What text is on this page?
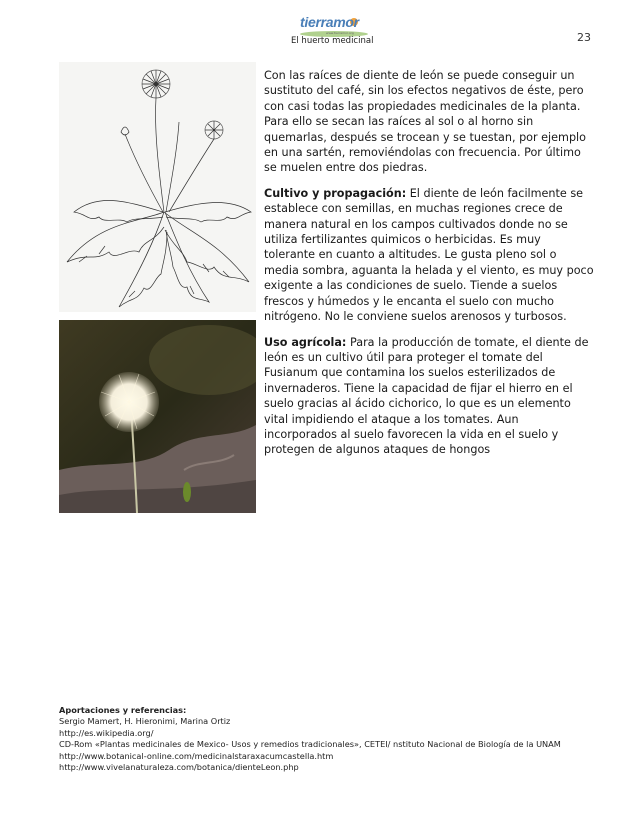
tierramor
www.tierramor.org
El huerto medicinal	23

Con las raíces de diente de león se puede conseguir un sustituto del café, sin los efectos negativos de éste, pero con casi todas las propiedades medicinales de la planta. Para ello se secan las raíces al sol o al horno sin quemarlas, después se trocean y se tuestan, por ejemplo en una sartén, removiéndolas con frecuencia. Por último se muelen entre dos piedras.

Cultivo y propagación: El diente de león facilmente se establece con semillas, en muchas regiones crece de manera natural en los campos cultivados donde no se utiliza fertilizantes quimicos o herbicidas. Es muy tolerante en cuanto a altitudes. Le gusta pleno sol o media sombra, aguanta la helada y el viento, es muy poco exigente a las condiciones de suelo. Tiende a suelos frescos y húmedos y le encanta el suelo con mucho nitrógeno. No le conviene suelos arenosos y turbosos.

Uso agrícola: Para la producción de tomate, el diente de león es un cultivo útil para proteger el tomate del Fusianum que contamina los suelos esterilizados de invernaderos. Tiene la capacidad de fijar el hierro en el suelo gracias al ácido cichorico, lo que es un elemento vital impidiendo el ataque a los tomates. Aun incorporados al suelo favorecen la vida en el suelo y protegen de algunos ataques de hongos

Aportaciones y referencias:
Sergio Mamert, H. Hieronimi, Marina Ortiz
http://es.wikipedia.org/
CD-Rom «Plantas medicinales de Mexico- Usos y remedios tradicionales», CETEI/ nstituto Nacional de Biología de la UNAM
http://www.botanical-online.com/medicinalstaraxacumcastella.htm
http://www.vivelanaturaleza.com/botanica/dienteLeon.php
